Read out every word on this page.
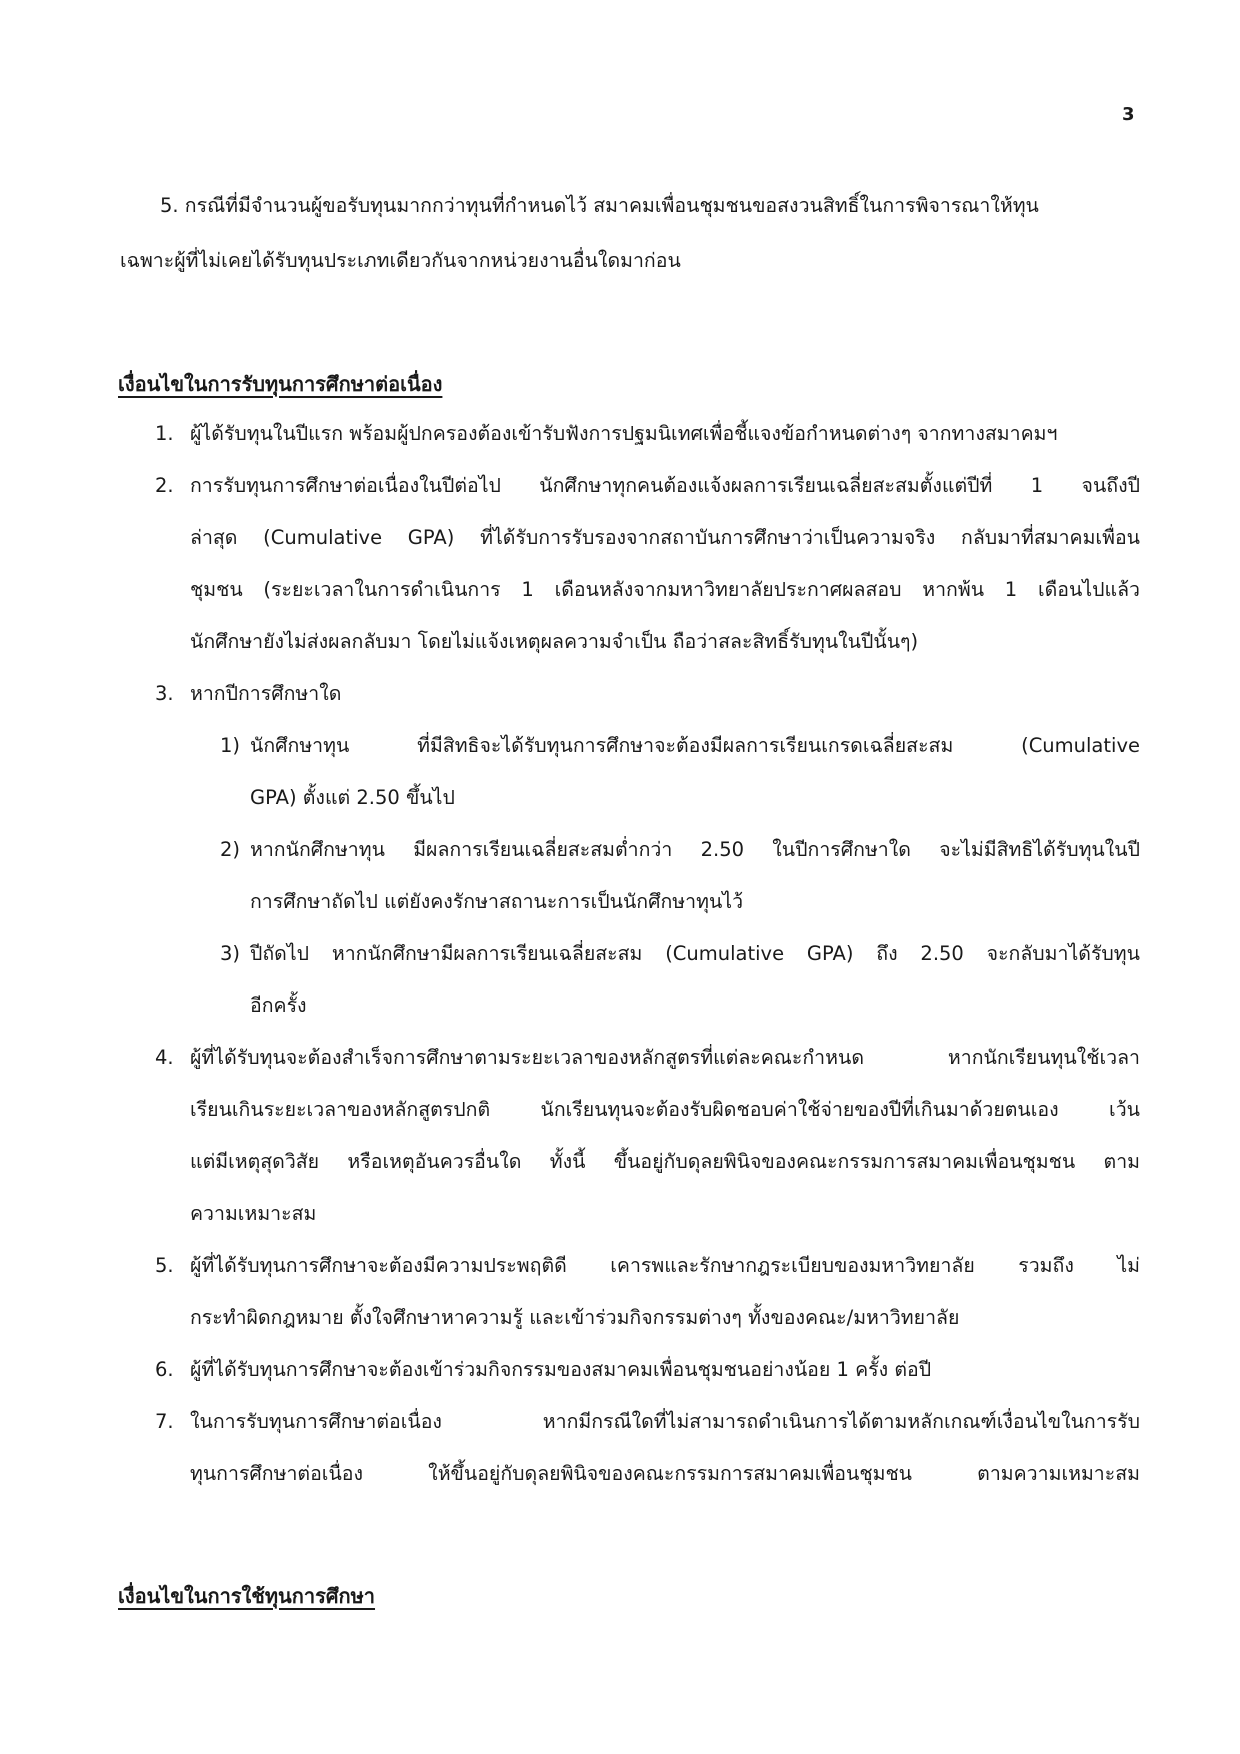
3
5. กรณีที่มีจำนวนผู้ขอรับทุนมากกว่าทุนที่กำหนดไว้ สมาคมเพื่อนชุมชนขอสงวนสิทธิ์ในการพิจารณาให้ทุน
เฉพาะผู้ที่ไม่เคยได้รับทุนประเภทเดียวกันจากหน่วยงานอื่นใดมาก่อน
เงื่อนไขในการรับทุนการศึกษาต่อเนื่อง
1. ผู้ได้รับทุนในปีแรก พร้อมผู้ปกครองต้องเข้ารับฟังการปฐมนิเทศเพื่อชี้แจงข้อกำหนดต่างๆ จากทางสมาคมฯ
2. การรับทุนการศึกษาต่อเนื่องในปีต่อไป นักศึกษาทุกคนต้องแจ้งผลการเรียนเฉลี่ยสะสมตั้งแต่ปีที่ 1 จนถึงปี
ล่าสุด (Cumulative GPA) ที่ได้รับการรับรองจากสถาบันการศึกษาว่าเป็นความจริง กลับมาที่สมาคมเพื่อน
ชุมชน (ระยะเวลาในการดำเนินการ 1 เดือนหลังจากมหาวิทยาลัยประกาศผลสอบ หากพ้น 1 เดือนไปแล้ว
นักศึกษายังไม่ส่งผลกลับมา โดยไม่แจ้งเหตุผลความจำเป็น ถือว่าสละสิทธิ์รับทุนในปีนั้นๆ)
3. หากปีการศึกษาใด
1) นักศึกษาทุน ที่มีสิทธิจะได้รับทุนการศึกษาจะต้องมีผลการเรียนเกรดเฉลี่ยสะสม (Cumulative
GPA) ตั้งแต่ 2.50 ขึ้นไป
2) หากนักศึกษาทุน มีผลการเรียนเฉลี่ยสะสมต่ำกว่า 2.50 ในปีการศึกษาใด จะไม่มีสิทธิได้รับทุนในปี
การศึกษาถัดไป แต่ยังคงรักษาสถานะการเป็นนักศึกษาทุนไว้
3) ปีถัดไป หากนักศึกษามีผลการเรียนเฉลี่ยสะสม (Cumulative GPA) ถึง 2.50 จะกลับมาได้รับทุน
อีกครั้ง
4. ผู้ที่ได้รับทุนจะต้องสำเร็จการศึกษาตามระยะเวลาของหลักสูตรที่แต่ละคณะกำหนด หากนักเรียนทุนใช้เวลา
เรียนเกินระยะเวลาของหลักสูตรปกติ นักเรียนทุนจะต้องรับผิดชอบค่าใช้จ่ายของปีที่เกินมาด้วยตนเอง เว้น
แต่มีเหตุสุดวิสัย หรือเหตุอันควรอื่นใด ทั้งนี้ ขึ้นอยู่กับดุลยพินิจของคณะกรรมการสมาคมเพื่อนชุมชน ตาม
ความเหมาะสม
5. ผู้ที่ได้รับทุนการศึกษาจะต้องมีความประพฤติดี เคารพและรักษากฎระเบียบของมหาวิทยาลัย รวมถึง ไม่
กระทำผิดกฎหมาย ตั้งใจศึกษาหาความรู้ และเข้าร่วมกิจกรรมต่างๆ ทั้งของคณะ/มหาวิทยาลัย
6. ผู้ที่ได้รับทุนการศึกษาจะต้องเข้าร่วมกิจกรรมของสมาคมเพื่อนชุมชนอย่างน้อย 1 ครั้ง ต่อปี
7. ในการรับทุนการศึกษาต่อเนื่อง หากมีกรณีใดที่ไม่สามารถดำเนินการได้ตามหลักเกณฑ์เงื่อนไขในการรับ
ทุนการศึกษาต่อเนื่อง ให้ขึ้นอยู่กับดุลยพินิจของคณะกรรมการสมาคมเพื่อนชุมชน ตามความเหมาะสม
เงื่อนไขในการใช้ทุนการศึกษา
